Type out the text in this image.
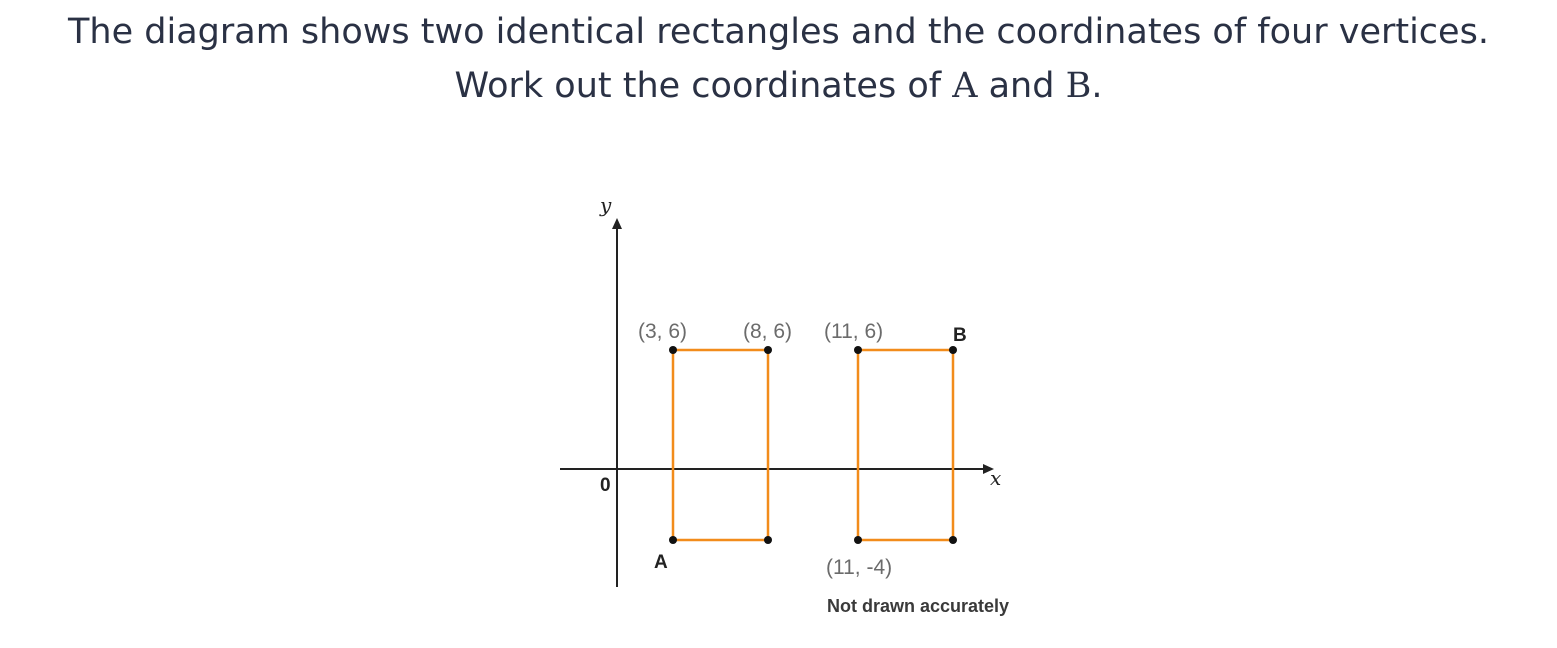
The diagram shows two identical rectangles and the coordinates of four vertices.
Work out the coordinates of A and B.
x
y
0
(3, 6)	(8, 6) (11, 6)	B
A	(11, -4)
Not drawn accurately
